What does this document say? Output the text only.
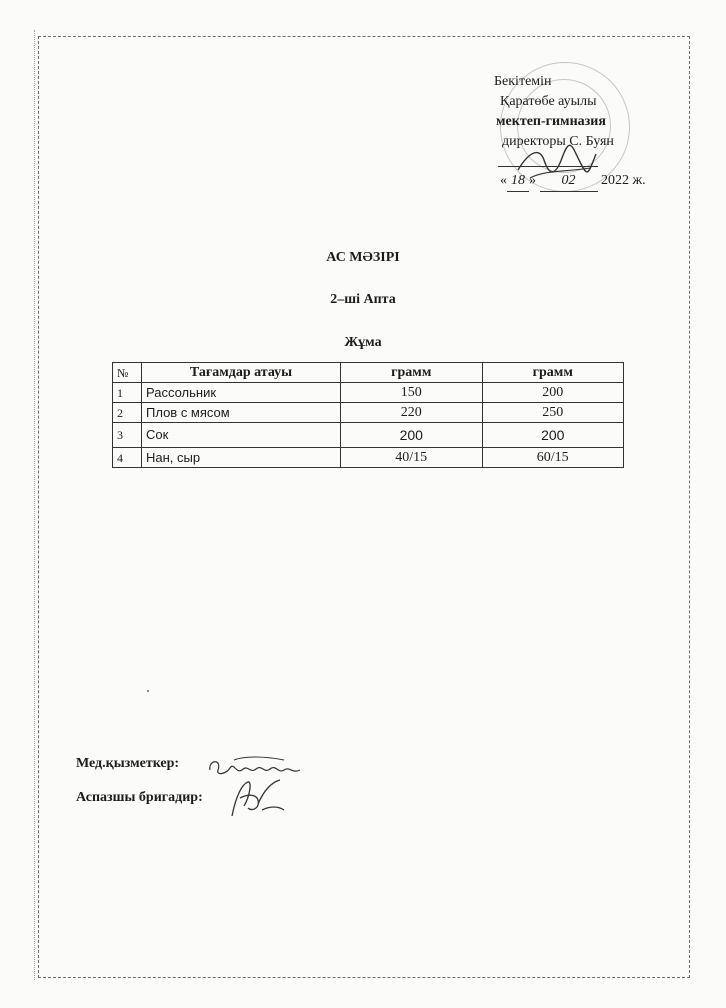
Бекітемін
Қаратөбе ауылы
мектеп-гимназия
директоры С. Буян
« 18 » 02 2022 ж.
АС МӘЗІРІ
2–ші Апта
Жұма
№	Тағамдар атауы	грамм	грамм
1	Рассольник	150	200
2	Плов с мясом	220	250
3	Сок	200	200
4	Нан, сыр	40/15	60/15
Мед.қызметкер:
Аспазшы бригадир:
